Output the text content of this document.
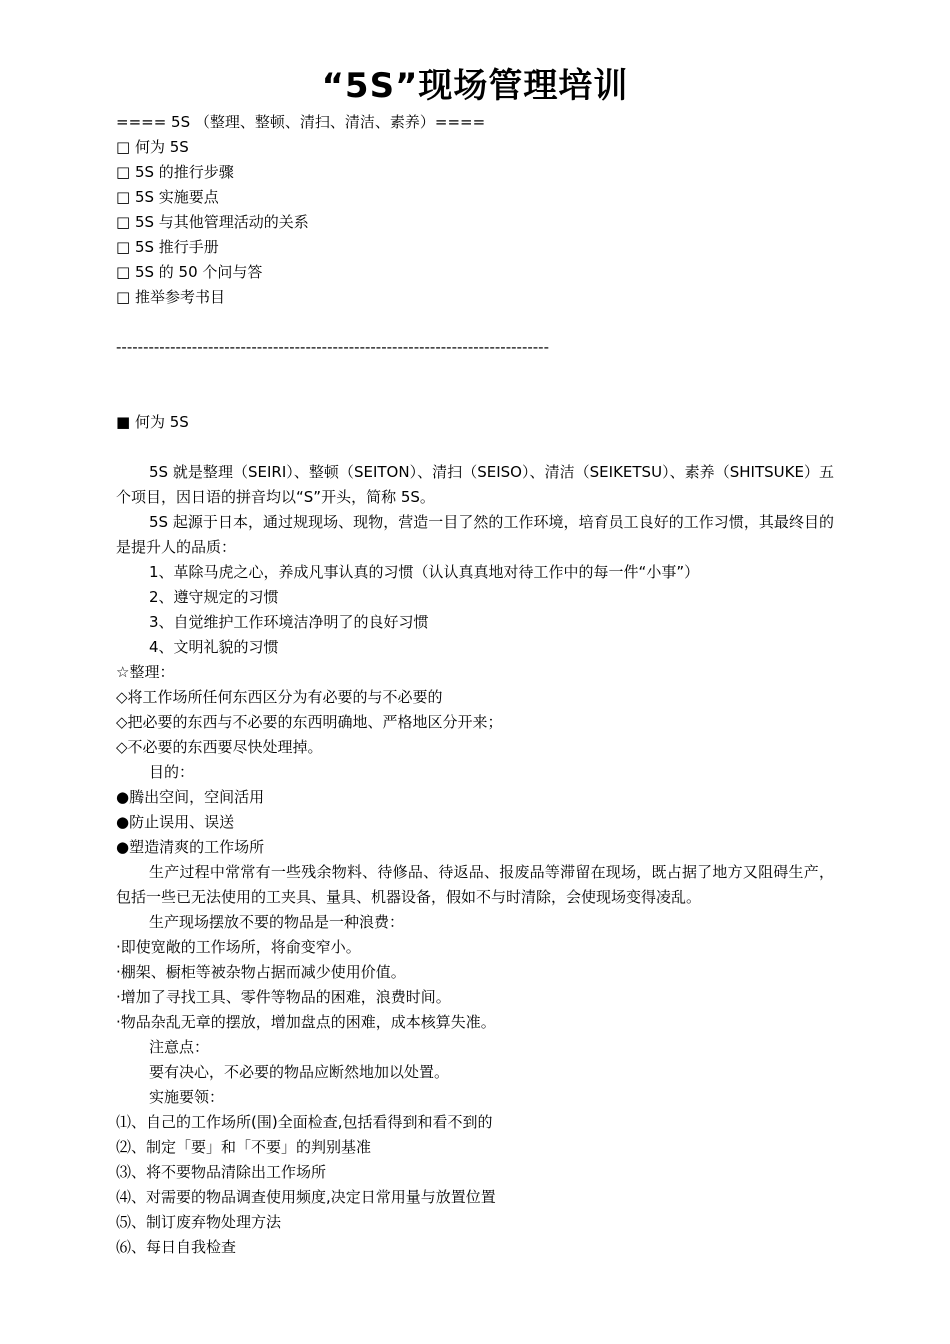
“5S”现场管理培训
==== 5S （整理、整顿、清扫、清洁、素养）====
□ 何为 5S
□ 5S 的推行步骤
□ 5S 实施要点
□ 5S 与其他管理活动的关系
□ 5S 推行手册
□ 5S 的 50 个问与答
□ 推举参考书目
--------------------------------------------------------------------------------
■ 何为 5S
5S 就是整理（SEIRI）、整顿（SEITON）、清扫（SEISO）、清洁（SEIKETSU）、素养（SHITSUKE）五个项目，因日语的拼音均以“S”开头，简称 5S。
5S 起源于日本，通过规现场、现物，营造一目了然的工作环境，培育员工良好的工作习惯，其最终目的是提升人的品质：
1、革除马虎之心，养成凡事认真的习惯（认认真真地对待工作中的每一件“小事”）
2、遵守规定的习惯
3、自觉维护工作环境洁净明了的良好习惯
4、文明礼貌的习惯
☆整理：
◇将工作场所任何东西区分为有必要的与不必要的
◇把必要的东西与不必要的东西明确地、严格地区分开来；
◇不必要的东西要尽快处理掉。
目的：
●腾出空间，空间活用
●防止误用、误送
●塑造清爽的工作场所
生产过程中常常有一些残余物料、待修品、待返品、报废品等滞留在现场，既占据了地方又阻碍生产，包括一些已无法使用的工夹具、量具、机器设备，假如不与时清除，会使现场变得凌乱。
生产现场摆放不要的物品是一种浪费：
·即使宽敞的工作场所，将俞变窄小。
·棚架、橱柜等被杂物占据而减少使用价值。
·增加了寻找工具、零件等物品的困难，浪费时间。
·物品杂乱无章的摆放，增加盘点的困难，成本核算失准。
注意点：
要有决心，不必要的物品应断然地加以处置。
实施要领：
⑴、自己的工作场所(围)全面检查,包括看得到和看不到的
⑵、制定「要」和「不要」的判别基准
⑶、将不要物品清除出工作场所
⑷、对需要的物品调查使用频度,决定日常用量与放置位置
⑸、制订废弃物处理方法
⑹、每日自我检查
